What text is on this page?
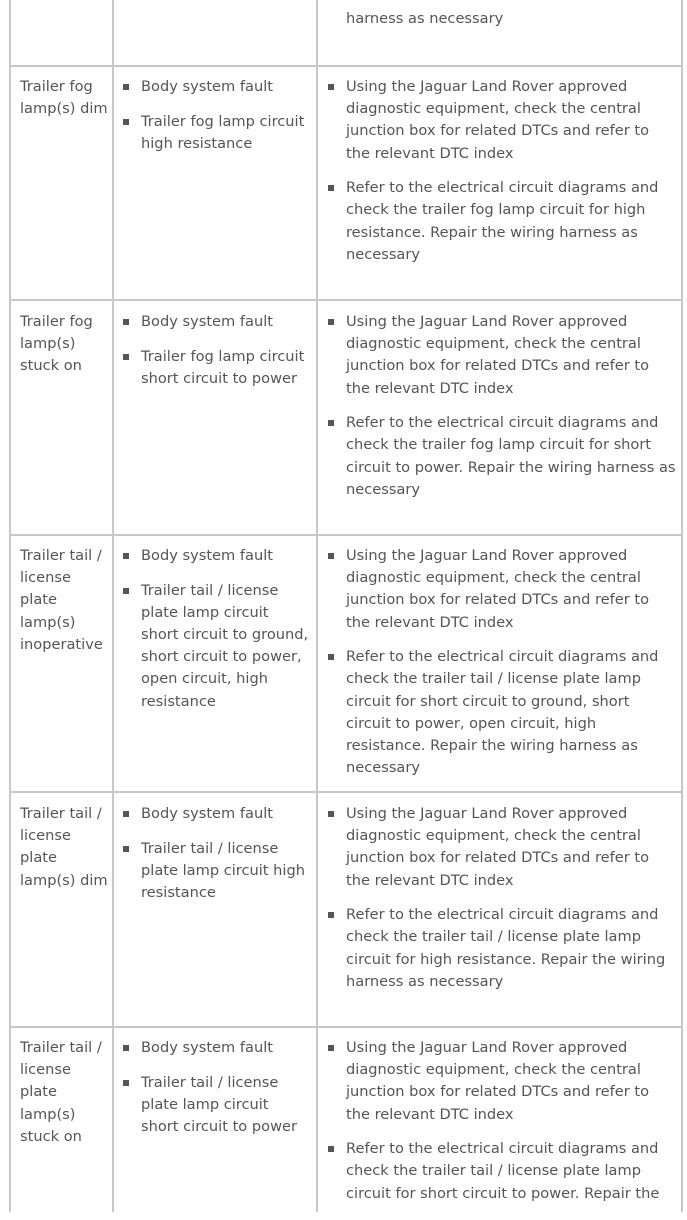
harness as necessary
Trailer fog lamp(s) dim
Body system fault
Trailer fog lamp circuit high resistance
Using the Jaguar Land Rover approved diagnostic equipment, check the central junction box for related DTCs and refer to the relevant DTC index
Refer to the electrical circuit diagrams and check the trailer fog lamp circuit for high resistance. Repair the wiring harness as necessary
Trailer fog lamp(s) stuck on
Body system fault
Trailer fog lamp circuit short circuit to power
Using the Jaguar Land Rover approved diagnostic equipment, check the central junction box for related DTCs and refer to the relevant DTC index
Refer to the electrical circuit diagrams and check the trailer fog lamp circuit for short circuit to power. Repair the wiring harness as necessary
Trailer tail / license plate lamp(s) inoperative
Body system fault
Trailer tail / license plate lamp circuit short circuit to ground, short circuit to power, open circuit, high resistance
Using the Jaguar Land Rover approved diagnostic equipment, check the central junction box for related DTCs and refer to the relevant DTC index
Refer to the electrical circuit diagrams and check the trailer tail / license plate lamp circuit for short circuit to ground, short circuit to power, open circuit, high resistance. Repair the wiring harness as necessary
Trailer tail / license plate lamp(s) dim
Body system fault
Trailer tail / license plate lamp circuit high resistance
Using the Jaguar Land Rover approved diagnostic equipment, check the central junction box for related DTCs and refer to the relevant DTC index
Refer to the electrical circuit diagrams and check the trailer tail / license plate lamp circuit for high resistance. Repair the wiring harness as necessary
Trailer tail / license plate lamp(s) stuck on
Body system fault
Trailer tail / license plate lamp circuit short circuit to power
Using the Jaguar Land Rover approved diagnostic equipment, check the central junction box for related DTCs and refer to the relevant DTC index
Refer to the electrical circuit diagrams and check the trailer tail / license plate lamp circuit for short circuit to power. Repair the
